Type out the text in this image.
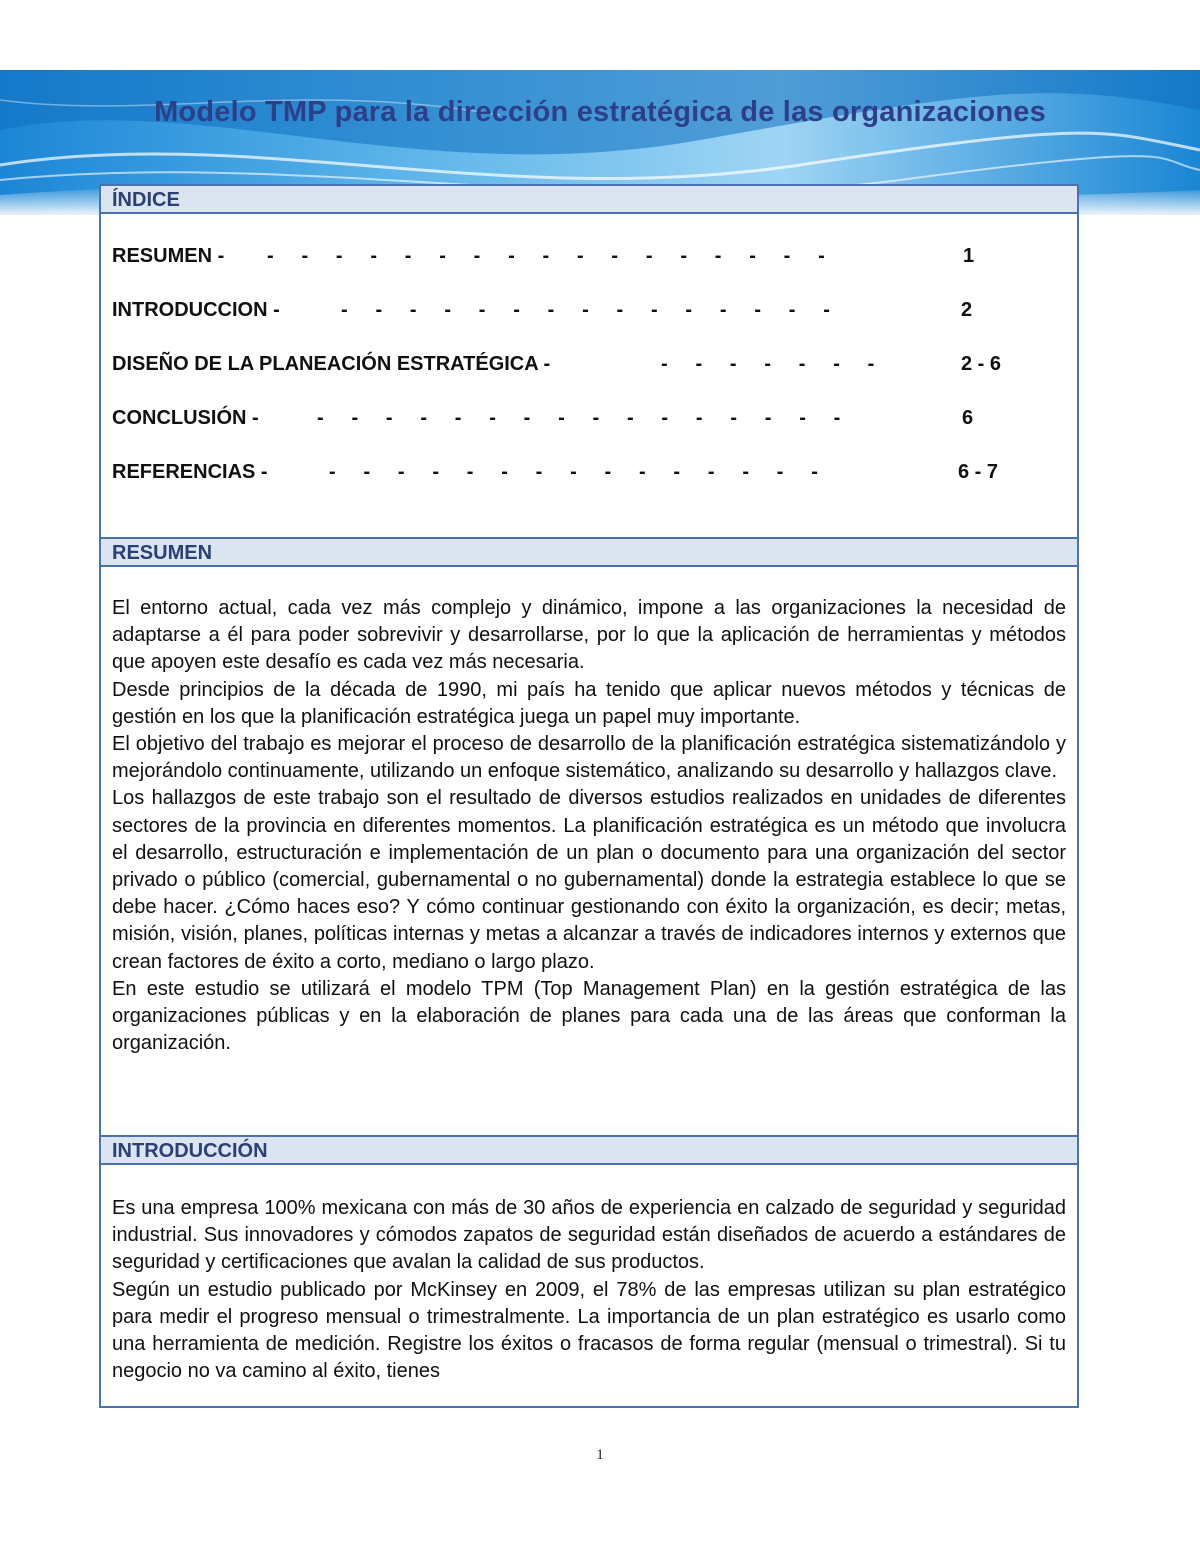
Modelo TMP para la dirección estratégica de las organizaciones
ÍNDICE
RESUMEN - -     -     -     -     -     -     -     -     -     -     -     -     -     -     -     -     -	1
INTRODUCCION -	-     -     -     -     -     -     -     -     -     -     -     -     -     -     -	2
DISEÑO DE LA PLANEACIÓN ESTRATÉGICA -	-     -     -     -     -     -     -	2 - 6
CONCLUSIÓN -	-     -     -     -     -     -     -     -     -     -     -     -     -     -     -     -	6
REFERENCIAS -	-     -     -     -     -     -     -     -     -     -     -     -     -     -     -	6 - 7
RESUMEN

El entorno actual, cada vez más complejo y dinámico, impone a las organizaciones la necesidad de adaptarse a él para poder sobrevivir y desarrollarse, por lo que la aplicación de herramientas y métodos que apoyen este desafío es cada vez más necesaria.

Desde principios de la década de 1990, mi país ha tenido que aplicar nuevos métodos y técnicas de gestión en los que la planificación estratégica juega un papel muy importante.

El objetivo del trabajo es mejorar el proceso de desarrollo de la planificación estratégica sistematizándolo y mejorándolo continuamente, utilizando un enfoque sistemático, analizando su desarrollo y hallazgos clave.

Los hallazgos de este trabajo son el resultado de diversos estudios realizados en unidades de diferentes sectores de la provincia en diferentes momentos. La planificación estratégica es un método que involucra el desarrollo, estructuración e implementación de un plan o documento para una organización del sector privado o público (comercial, gubernamental o no gubernamental) donde la estrategia establece lo que se debe hacer. ¿Cómo haces eso? Y cómo continuar gestionando con éxito la organización, es decir; metas, misión, visión, planes, políticas internas y metas a alcanzar a través de indicadores internos y externos que crean factores de éxito a corto, mediano o largo plazo.

En este estudio se utilizará el modelo TPM (Top Management Plan) en la gestión estratégica de las organizaciones públicas y en la elaboración de planes para cada una de las áreas que conforman la organización.

INTRODUCCIÓN

Es una empresa 100% mexicana con más de 30 años de experiencia en calzado de seguridad y seguridad industrial. Sus innovadores y cómodos zapatos de seguridad están diseñados de acuerdo a estándares de seguridad y certificaciones que avalan la calidad de sus productos.

Según un estudio publicado por McKinsey en 2009, el 78% de las empresas utilizan su plan estratégico para medir el progreso mensual o trimestralmente. La importancia de un plan estratégico es usarlo como una herramienta de medición. Registre los éxitos o fracasos de forma regular (mensual o trimestral). Si tu negocio no va camino al éxito, tienes

1
